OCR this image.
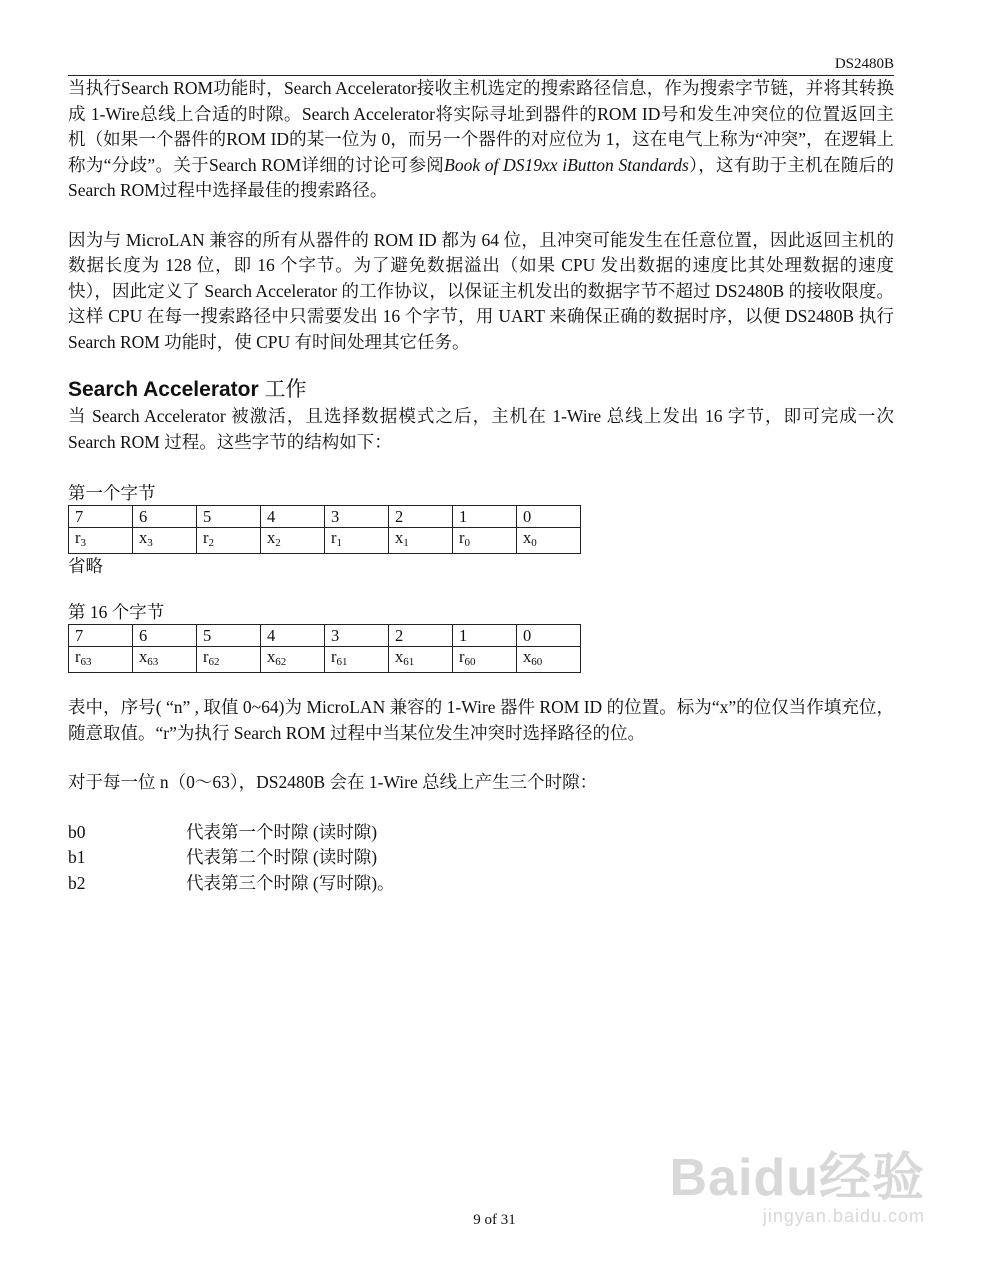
DS2480B

当执行Search ROM功能时，Search Accelerator接收主机选定的搜索路径信息，作为搜索字节链，并将其转换成 1-Wire总线上合适的时隙。Search Accelerator将实际寻址到器件的ROM ID号和发生冲突位的位置返回主机（如果一个器件的ROM ID的某一位为 0，而另一个器件的对应位为 1，这在电气上称为“冲突”，在逻辑上称为“分歧”。关于Search ROM详细的讨论可参阅Book of DS19xx iButton Standards），这有助于主机在随后的Search ROM过程中选择最佳的搜索路径。

因为与 MicroLAN 兼容的所有从器件的 ROM ID 都为 64 位，且冲突可能发生在任意位置，因此返回主机的数据长度为 128 位，即 16 个字节。为了避免数据溢出（如果 CPU 发出数据的速度比其处理数据的速度快），因此定义了 Search Accelerator 的工作协议，以保证主机发出的数据字节不超过 DS2480B 的接收限度。这样 CPU 在每一搜索路径中只需要发出 16 个字节，用 UART 来确保正确的数据时序，以便 DS2480B 执行 Search ROM 功能时，使 CPU 有时间处理其它任务。

Search Accelerator 工作

当 Search Accelerator 被激活，且选择数据模式之后，主机在 1-Wire 总线上发出 16 字节，即可完成一次 Search ROM 过程。这些字节的结构如下：

第一个字节
7	6	5	4	3	2	1	0
$r_3$	$x_3$	$r_2$	$x_2$	$r_1$	$x_1$	$r_0$	$x_0$
省略
第 16 个字节
7	6	5	4	3	2	1	0
$r_{63}$	$x_{63}$	$r_{62}$	$x_{62}$	$r_{61}$	$x_{61}$	$r_{60}$	$x_{60}$

表中，序号( “n” , 取值 0~64)为 MicroLAN 兼容的 1-Wire 器件 ROM ID 的位置。标为“x”的位仅当作填充位，随意取值。“r”为执行 Search ROM 过程中当某位发生冲突时选择路径的位。

对于每一位 n（0～63），DS2480B 会在 1-Wire 总线上产生三个时隙：

b0	代表第一个时隙 (读时隙)
b1	代表第二个时隙 (读时隙)
b2	代表第三个时隙 (写时隙)。
Baidu经验
jingyan.baidu.com
9 of 31
